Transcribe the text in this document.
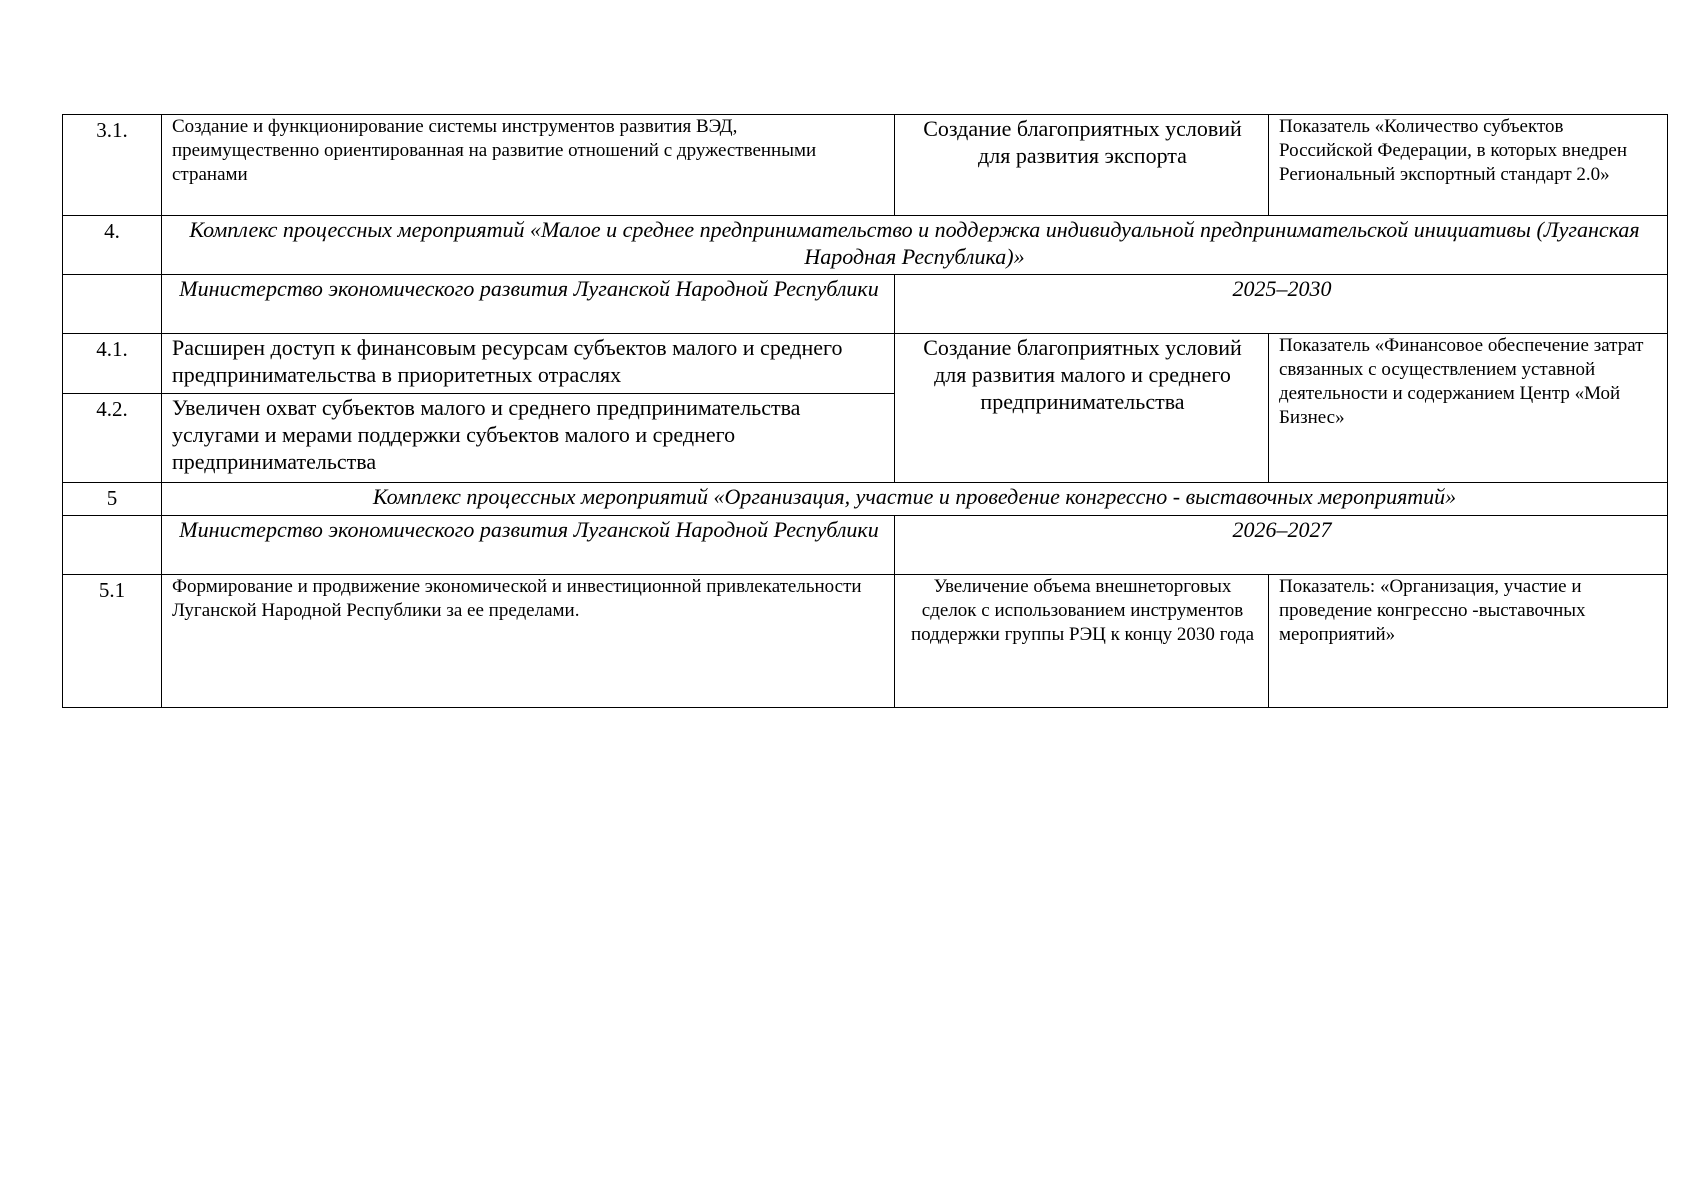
3.1.	Создание и функционирование системы инструментов развития ВЭД, преимущественно ориентированная на развитие отношений с дружественными странами	Создание благоприятных условий для развития экспорта	Показатель «Количество субъектов Российской Федерации, в которых внедрен Региональный экспортный стандарт 2.0»
4.	Комплекс процессных мероприятий «Малое и среднее предпринимательство и поддержка индивидуальной предпринимательской инициативы (Луганская Народная Республика)»		
	Министерство экономического развития Луганской Народной Республики	2025–2030	
4.1.	Расширен доступ к финансовым ресурсам субъектов малого и среднего предпринимательства в приоритетных отраслях	Создание благоприятных условий для развития малого и среднего предпринимательства	Показатель «Финансовое обеспечение затрат связанных с осуществлением уставной деятельности и содержанием Центр «Мой Бизнес»
4.2.	Увеличен охват субъектов малого и среднего предпринимательства услугами и мерами поддержки субъектов малого и среднего предпринимательства		
5	Комплекс процессных мероприятий «Организация, участие и проведение конгрессно - выставочных мероприятий»		
	Министерство экономического развития Луганской Народной Республики	2026–2027	
5.1	Формирование и продвижение экономической и инвестиционной привлекательности Луганской Народной Республики за ее пределами.	Увеличение объема внешнеторговых сделок с использованием инструментов поддержки группы РЭЦ к концу 2030 года	Показатель: «Организация, участие и проведение конгрессно -выставочных мероприятий»
